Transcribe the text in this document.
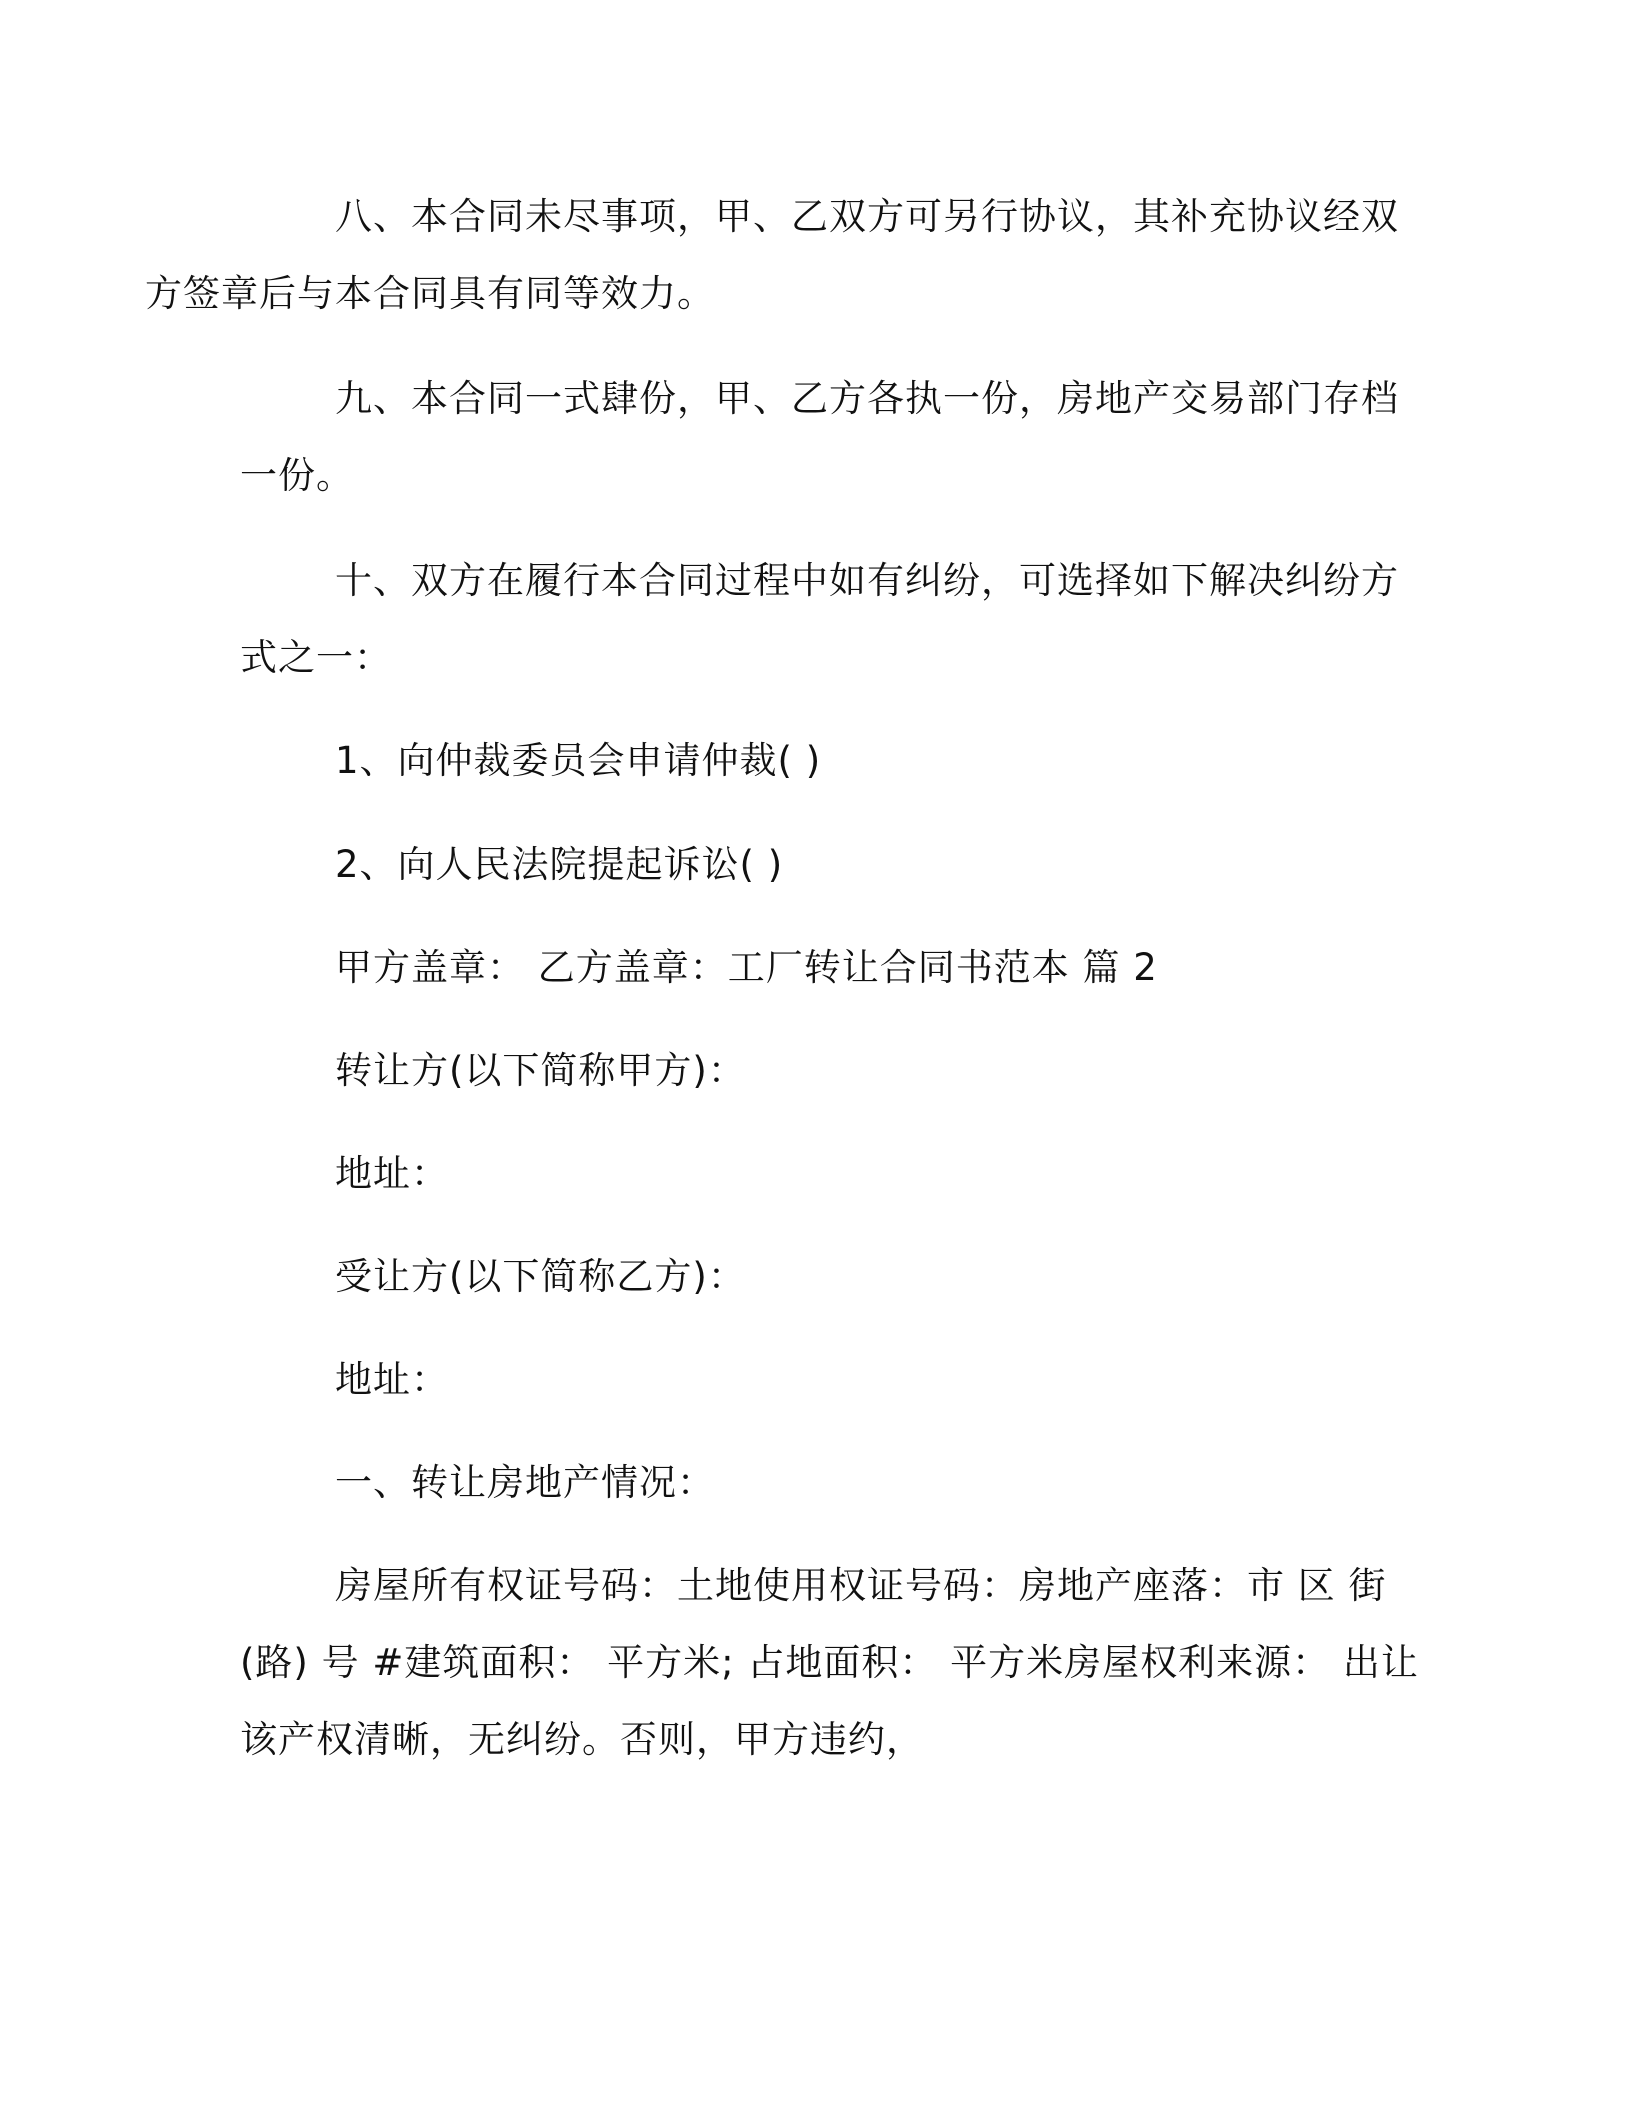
八、本合同未尽事项，甲、乙双方可另行协议，其补充协议经双
方签章后与本合同具有同等效力。

九、本合同一式肆份，甲、乙方各执一份，房地产交易部门存档
一份。

十、双方在履行本合同过程中如有纠纷，可选择如下解决纠纷方
式之一：

1、向仲裁委员会申请仲裁( )

2、向人民法院提起诉讼( )

甲方盖章： 乙方盖章：工厂转让合同书范本 篇 2

转让方(以下简称甲方)：

地址：

受让方(以下简称乙方)：

地址：

一、转让房地产情况：

房屋所有权证号码：土地使用权证号码：房地产座落：市 区 街
(路) 号 #建筑面积： 平方米; 占地面积： 平方米房屋权利来源： 出让
该产权清晰，无纠纷。否则，甲方违约，
